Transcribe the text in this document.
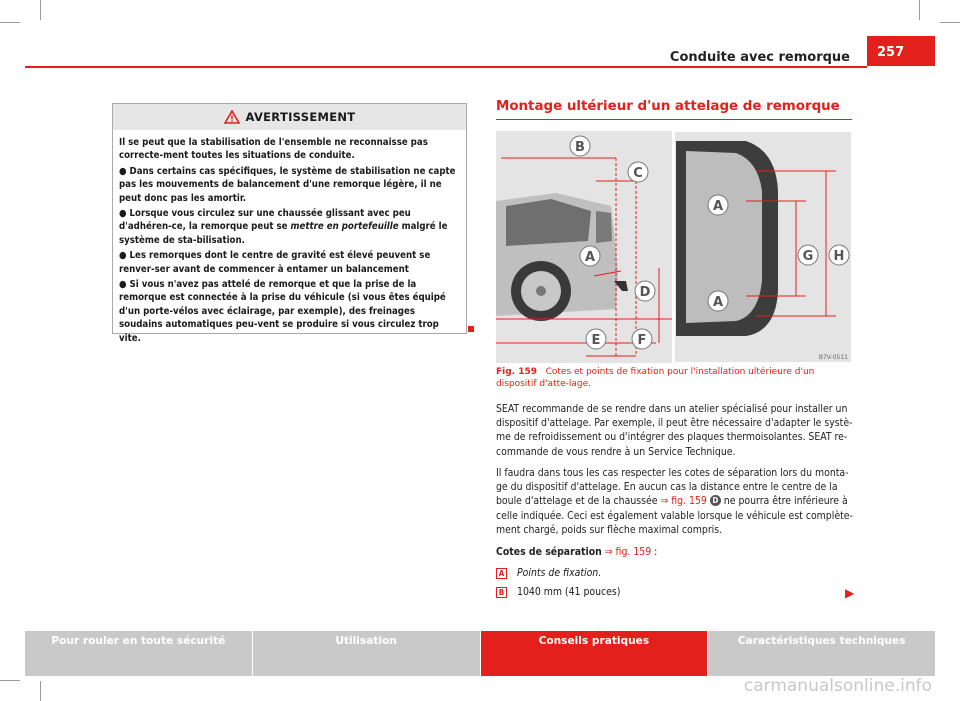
Conduite avec remorque	257
AVERTISSEMENT

Il se peut que la stabilisation de l'ensemble ne reconnaisse pas correcte-ment toutes les situations de conduite.

● Dans certains cas spécifiques, le système de stabilisation ne capte pas les mouvements de balancement d'une remorque légère, il ne peut donc pas les amortir.

● Lorsque vous circulez sur une chaussée glissant avec peu d'adhéren-ce, la remorque peut se mettre en portefeuille malgré le système de sta-bilisation.

● Les remorques dont le centre de gravité est élevé peuvent se renver-ser avant de commencer à entamer un balancement

● Si vous n'avez pas attelé de remorque et que la prise de la remorque est connectée à la prise du véhicule (si vous êtes équipé d'un porte-vélos avec éclairage, par exemple), des freinages soudains automatiques peu-vent se produire si vous circulez trop vite.

Montage ultérieur d'un attelage de remorque
B
C
A
D
E	F
A
A
G H
B7V-0511
Fig. 159 Cotes et points de fixation pour l'installation ultérieure d'un dispositif d'atte-lage.

SEAT recommande de se rendre dans un atelier spécialisé pour installer un dispositif d'attelage. Par exemple, il peut être nécessaire d'adapter le systè-me de refroidissement ou d'intégrer des plaques thermoisolantes. SEAT re-commande de vous rendre à un Service Technique.

Il faudra dans tous les cas respecter les cotes de séparation lors du monta-ge du dispositif d'attelage. En aucun cas la distance entre le centre de la boule d'attelage et de la chaussée ⇒ fig. 159 D ne pourra être inférieure à celle indiquée. Ceci est également valable lorsque le véhicule est complète-ment chargé, poids sur flèche maximal compris.

Cotes de séparation ⇒ fig. 159 :

A Points de fixation.
B 1040 mm (41 pouces)	▶
Pour rouler en toute sécurité	Utilisation	Conseils pratiques	Caractéristiques techniques
carmanualsonline.info
